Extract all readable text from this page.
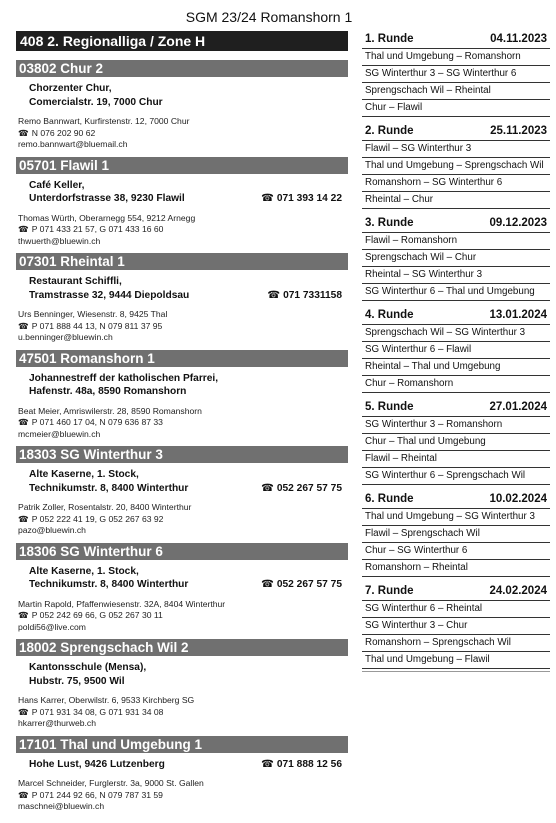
SGM 23/24 Romanshorn 1
408 2. Regionalliga / Zone H
03802 Chur 2
Chorzenter Chur,
Comercialstr. 19, 7000 Chur
Remo Bannwart, Kurfirstenstr. 12, 7000 Chur
☎ N 076 202 90 62
remo.bannwart@bluemail.ch
05701 Flawil 1
Café Keller,
Unterdorfstrasse 38, 9230 Flawil	☎ 071 393 14 22
Thomas Würth, Oberarnegg 554, 9212 Arnegg
☎ P 071 433 21 57, G 071 433 16 60
thwuerth@bluewin.ch
07301 Rheintal 1
Restaurant Schiffli,
Tramstrasse 32, 9444 Diepoldsau	☎ 071 7331158
Urs Benninger, Wiesenstr. 8, 9425 Thal
☎ P 071 888 44 13, N 079 811 37 95
u.benninger@bluewin.ch
47501 Romanshorn 1
Johannestreff der katholischen Pfarrei,
Hafenstr. 48a, 8590 Romanshorn
Beat Meier, Amriswilerstr. 28, 8590 Romanshorn
☎ P 071 460 17 04, N 079 636 87 33
mcmeier@bluewin.ch
18303 SG Winterthur 3
Alte Kaserne, 1. Stock,
Technikumstr. 8, 8400 Winterthur	☎ 052 267 57 75
Patrik Zoller, Rosentalstr. 20, 8400 Winterthur
☎ P 052 222 41 19, G 052 267 63 92
pazo@bluewin.ch
18306 SG Winterthur 6
Alte Kaserne, 1. Stock,
Technikumstr. 8, 8400 Winterthur	☎ 052 267 57 75
Martin Rapold, Pfaffenwiesenstr. 32A, 8404 Winterthur
☎ P 052 242 69 66, G 052 267 30 11
poldi56@live.com
18002 Sprengschach Wil 2
Kantonsschule (Mensa),
Hubstr. 75, 9500 Wil
Hans Karrer, Oberwilstr. 6, 9533 Kirchberg SG
☎ P 071 931 34 08, G 071 931 34 08
hkarrer@thurweb.ch
17101 Thal und Umgebung 1
Hohe Lust, 9426 Lutzenberg	☎ 071 888 12 56
Marcel Schneider, Furglerstr. 3a, 9000 St. Gallen
☎ P 071 244 92 66, N 079 787 31 59
maschnei@bluewin.ch
1. Runde	04.11.2023
Thal und Umgebung – Romanshorn
SG Winterthur 3 – SG Winterthur 6
Sprengschach Wil – Rheintal
Chur – Flawil
2. Runde	25.11.2023
Flawil – SG Winterthur 3
Thal und Umgebung – Sprengschach Wil
Romanshorn – SG Winterthur 6
Rheintal – Chur
3. Runde	09.12.2023
Flawil – Romanshorn
Sprengschach Wil – Chur
Rheintal – SG Winterthur 3
SG Winterthur 6 – Thal und Umgebung
4. Runde	13.01.2024
Sprengschach Wil – SG Winterthur 3
SG Winterthur 6 – Flawil
Rheintal – Thal und Umgebung
Chur – Romanshorn
5. Runde	27.01.2024
SG Winterthur 3 – Romanshorn
Chur – Thal und Umgebung
Flawil – Rheintal
SG Winterthur 6 – Sprengschach Wil
6. Runde	10.02.2024
Thal und Umgebung – SG Winterthur 3
Flawil – Sprengschach Wil
Chur – SG Winterthur 6
Romanshorn – Rheintal
7. Runde	24.02.2024
SG Winterthur 6 – Rheintal
SG Winterthur 3 – Chur
Romanshorn – Sprengschach Wil
Thal und Umgebung – Flawil
